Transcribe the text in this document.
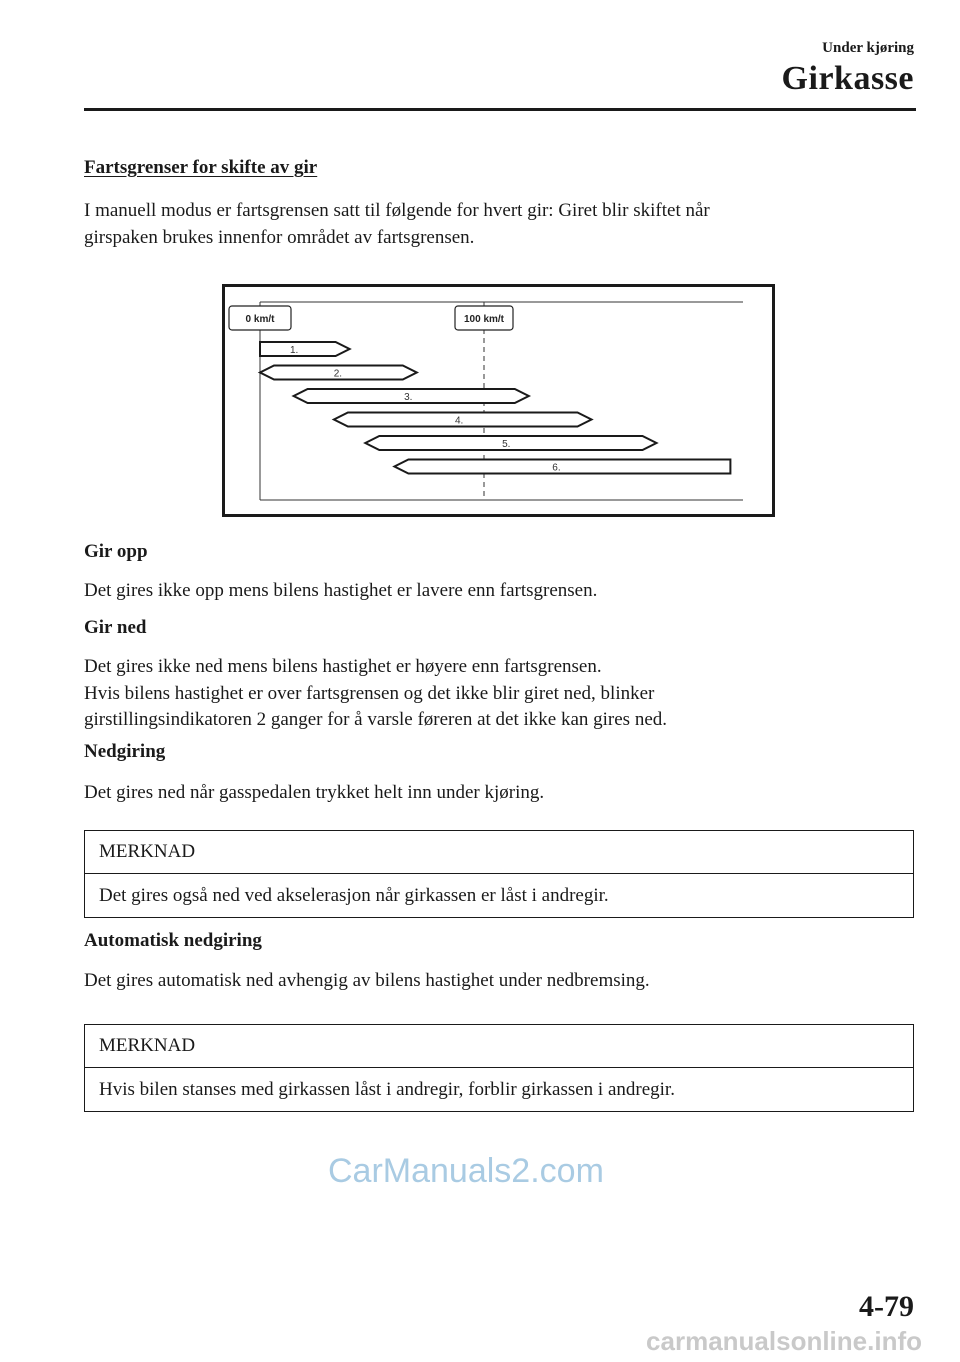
Under kjøring
Girkasse
Fartsgrenser for skifte av gir
I manuell modus er fartsgrensen satt til følgende for hvert gir: Giret blir skiftet når
girspaken brukes innenfor området av fartsgrensen.
0 km/t	100 km/t
1.
2.
3.
4.
5.
6.
Gir opp
Det gires ikke opp mens bilens hastighet er lavere enn fartsgrensen.
Gir ned
Det gires ikke ned mens bilens hastighet er høyere enn fartsgrensen.
Hvis bilens hastighet er over fartsgrensen og det ikke blir giret ned, blinker
girstillingsindikatoren 2 ganger for å varsle føreren at det ikke kan gires ned.
Nedgiring
Det gires ned når gasspedalen trykket helt inn under kjøring.
MERKNAD
Det gires også ned ved akselerasjon når girkassen er låst i andregir.
Automatisk nedgiring
Det gires automatisk ned avhengig av bilens hastighet under nedbremsing.
MERKNAD
Hvis bilen stanses med girkassen låst i andregir, forblir girkassen i andregir.
CarManuals2.com
4-79
carmanualsonline.info
